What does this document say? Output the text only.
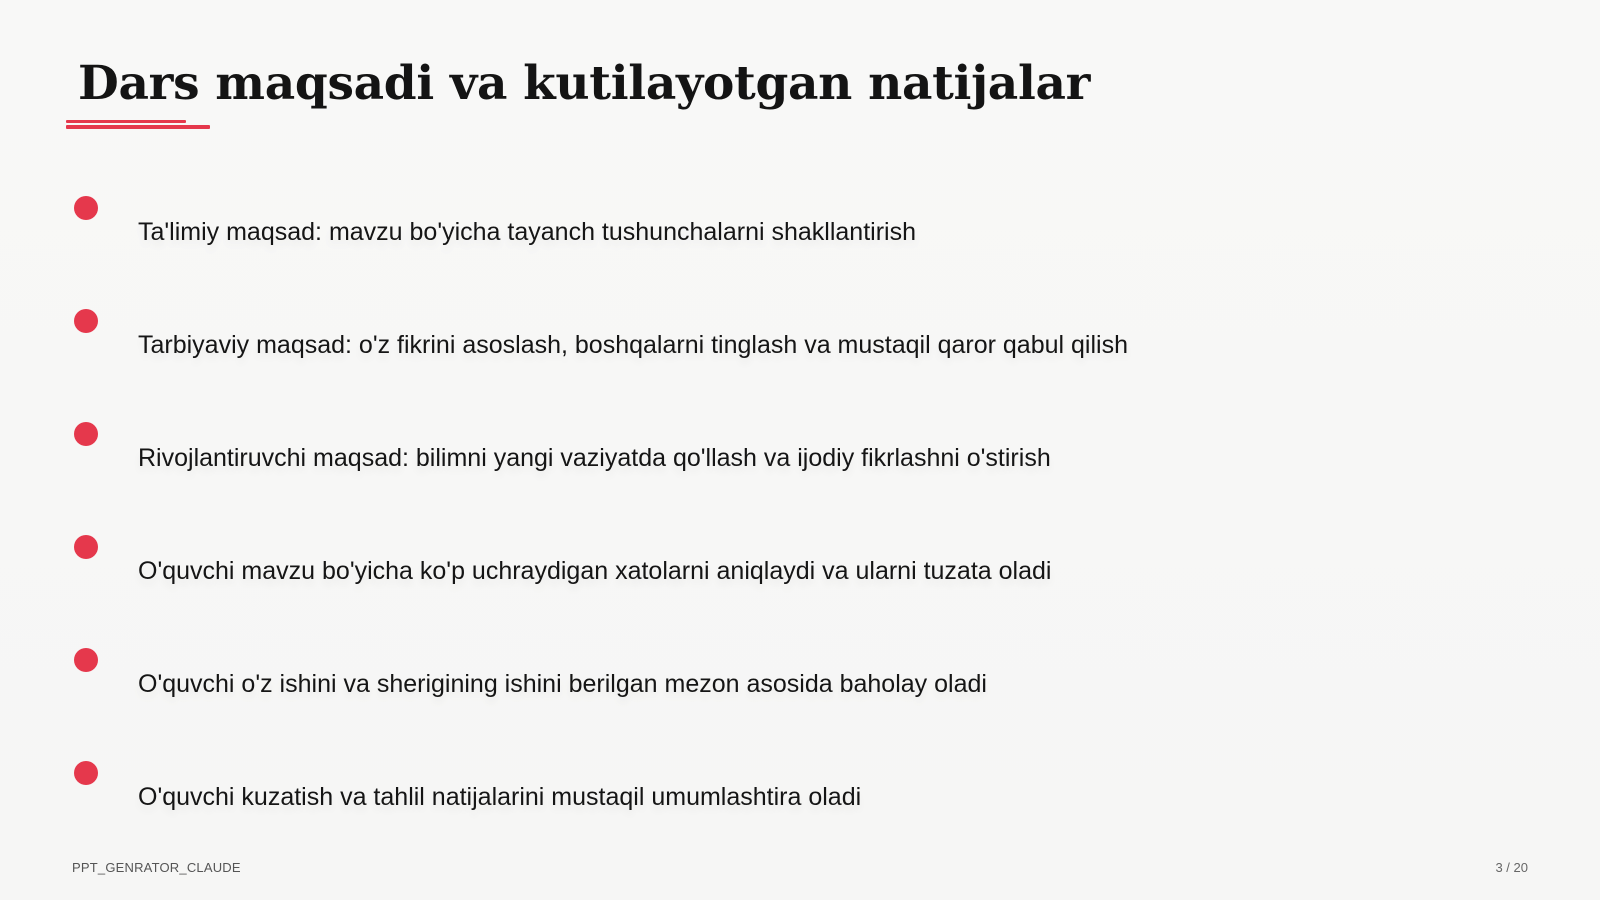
Dars maqsadi va kutilayotgan natijalar
Ta'limiy maqsad: mavzu bo'yicha tayanch tushunchalarni shakllantirish
Tarbiyaviy maqsad: o'z fikrini asoslash, boshqalarni tinglash va mustaqil qaror qabul qilish
Rivojlantiruvchi maqsad: bilimni yangi vaziyatda qo'llash va ijodiy fikrlashni o'stirish
O'quvchi mavzu bo'yicha ko'p uchraydigan xatolarni aniqlaydi va ularni tuzata oladi
O'quvchi o'z ishini va sherigining ishini berilgan mezon asosida baholay oladi
O'quvchi kuzatish va tahlil natijalarini mustaqil umumlashtira oladi
PPT_GENRATOR_CLAUDE	3 / 20
